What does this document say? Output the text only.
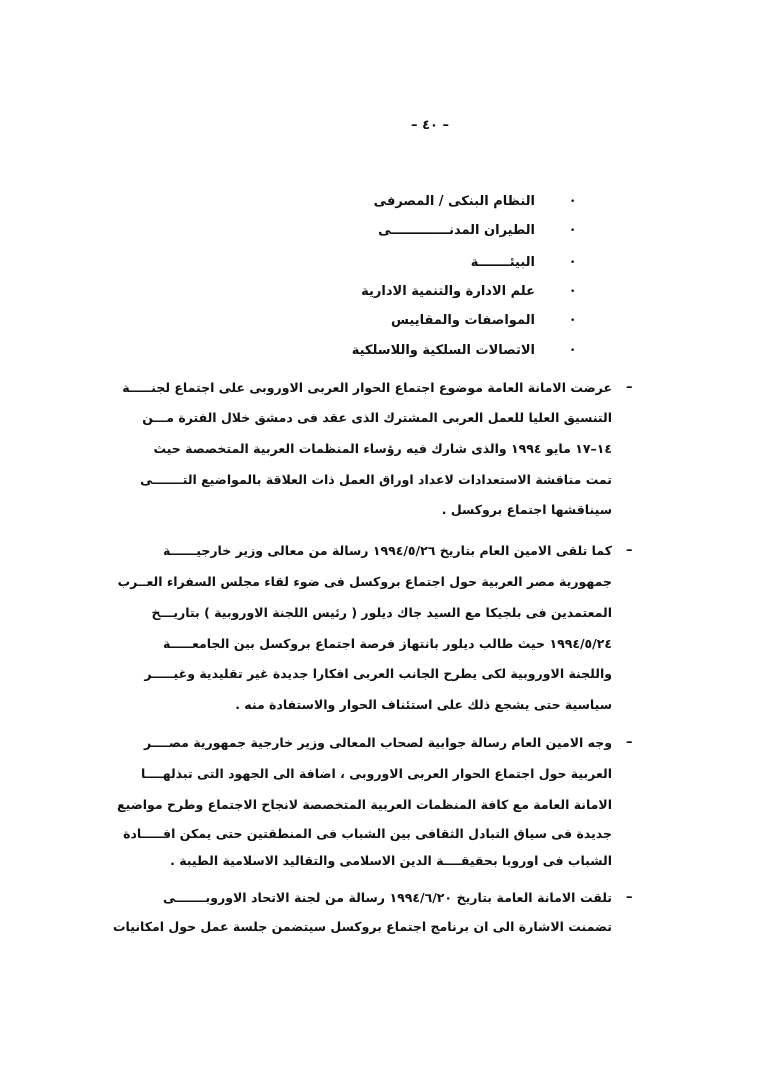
– ٤٠ –
•
النظام البنكى / المصرفى
•
الطيران المدنـــــــــــــى
•
البيئـــــــة
•
علم الادارة والتنمية الادارية
•
المواصفات والمقاييس
•
الاتصالات السلكية واللاسلكية
–
عرضت الامانة العامة موضوع اجتماع الحوار العربى الاوروبى على اجتماع لجنـــــة
التنسيق العليا للعمل العربى المشترك الذى عقد فى دمشق خلال الفترة مـــن
١٤–١٧ مايو ١٩٩٤ والذى شارك فيه رؤساء المنظمات العربية المتخصصة حيث
تمت مناقشة الاستعدادات لاعداد اوراق العمل ذات العلاقة بالمواضيع التـــــــى
سيناقشها اجتماع بروكسل .
–
كما تلقى الامين العام بتاريخ ١٩٩٤/٥/٢٦ رسالة من معالى وزير خارجيــــــة
جمهورية مصر العربية حول اجتماع بروكسل فى ضوء لقاء مجلس السفراء العــرب
المعتمدين فى بلجيكا مع السيد جاك ديلور ( رئيس اللجنة الاوروبية ) بتاريـــخ
١٩٩٤/٥/٢٤ حيث طالب ديلور بانتهاز فرصة اجتماع بروكسل بين الجامعـــــة
واللجنة الاوروبية لكى يطرح الجانب العربى افكارا جديدة غير تقليدية وغيـــــر
سياسية حتى يشجع ذلك على استئناف الحوار والاستفادة منه .
–
وجه الامين العام رسالة جوابية لصحاب المعالى وزير خارجية جمهورية مصــــر
العربية حول اجتماع الحوار العربى الاوروبى ، اضافة الى الجهود التى تبذلهــــا
الامانة العامة مع كافة المنظمات العربية المتخصصة لانجاح الاجتماع وطرح مواضيع
جديدة فى سياق التبادل الثقافى بين الشباب فى المنطقتين حتى يمكن افـــــادة
الشباب فى اوروبا بحقيقــــة الدين الاسلامى والتقاليد الاسلامية الطيبة .
–
تلقت الامانة العامة بتاريخ ١٩٩٤/٦/٢٠ رسالة من لجنة الاتحاد الاوروبـــــــى
تضمنت الاشارة الى ان برنامج اجتماع بروكسل سيتضمن جلسة عمل حول امكانيات
